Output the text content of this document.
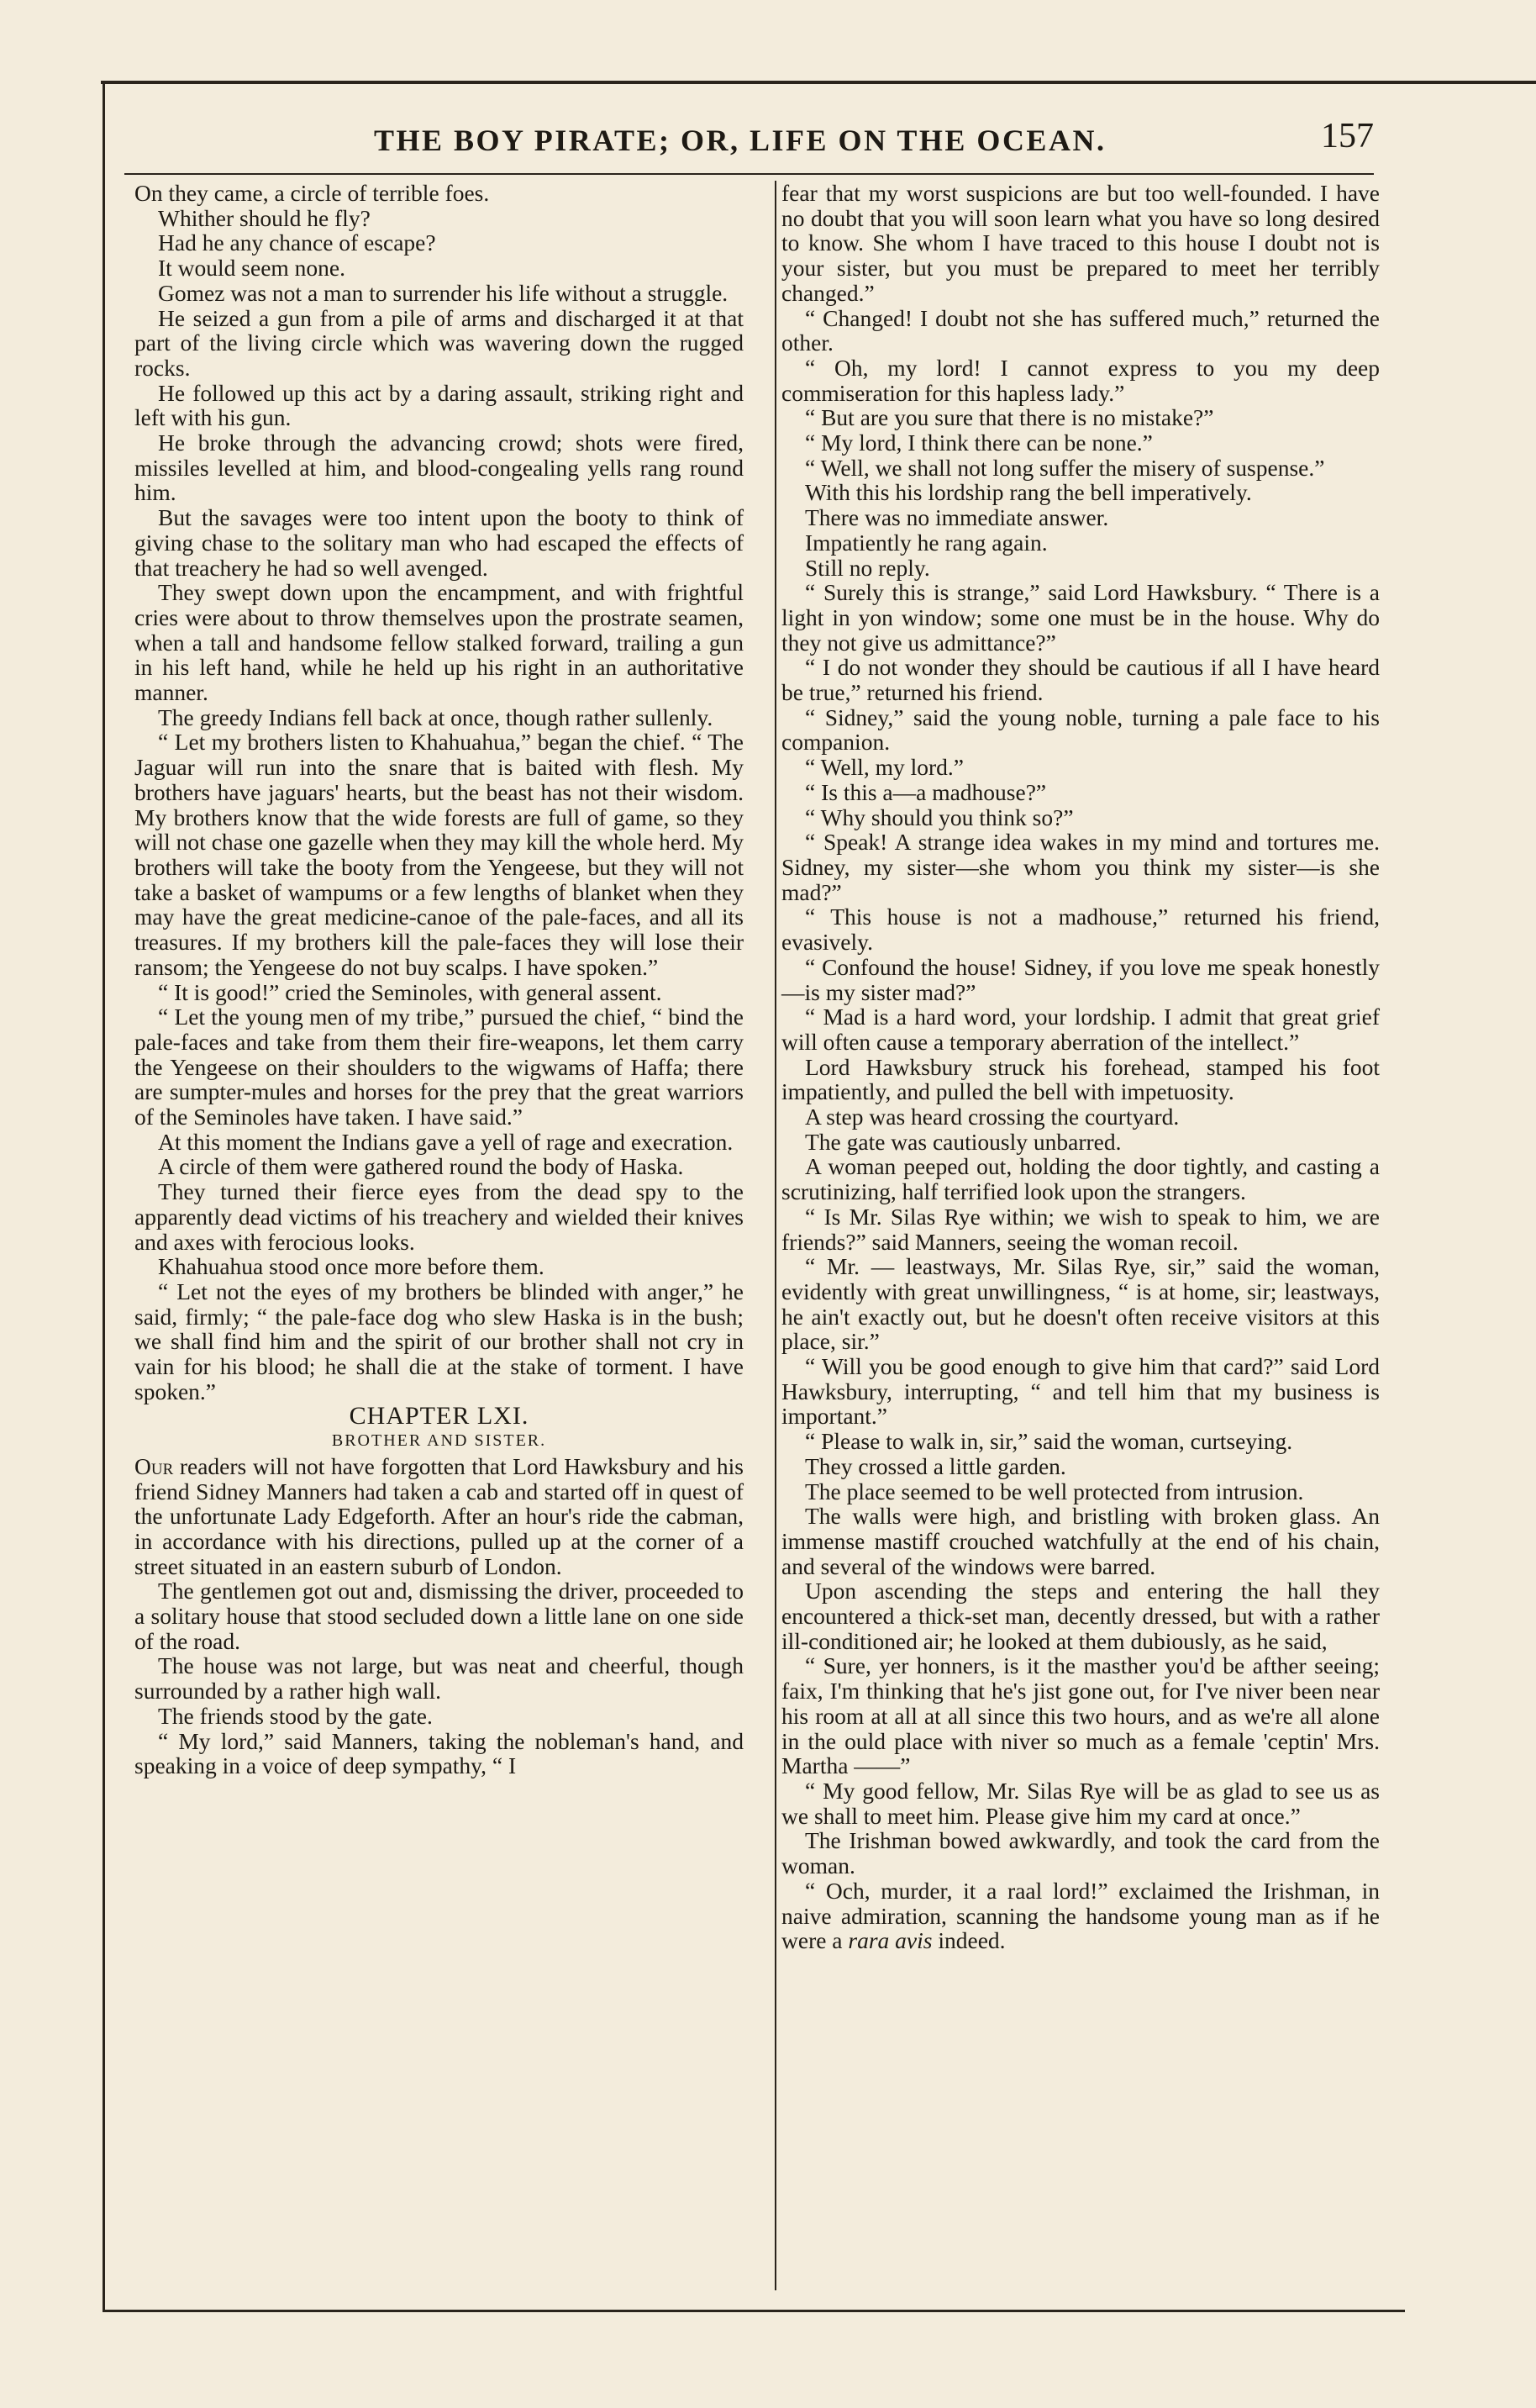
THE BOY PIRATE; OR, LIFE ON THE OCEAN.	157

On they came, a circle of terrible foes.

Whither should he fly?

Had he any chance of escape?

It would seem none.

Gomez was not a man to surrender his life without a struggle.

He seized a gun from a pile of arms and discharged it at that part of the living circle which was wavering down the rugged rocks.

He followed up this act by a daring assault, striking right and left with his gun.

He broke through the advancing crowd; shots were fired, missiles levelled at him, and blood-congealing yells rang round him.

But the savages were too intent upon the booty to think of giving chase to the solitary man who had escaped the effects of that treachery he had so well avenged.

They swept down upon the encampment, and with frightful cries were about to throw themselves upon the prostrate seamen, when a tall and handsome fellow stalked forward, trailing a gun in his left hand, while he held up his right in an authoritative manner.

The greedy Indians fell back at once, though rather sullenly.

“ Let my brothers listen to Khahuahua,” began the chief. “ The Jaguar will run into the snare that is baited with flesh. My brothers have jaguars' hearts, but the beast has not their wisdom. My brothers know that the wide forests are full of game, so they will not chase one gazelle when they may kill the whole herd. My brothers will take the booty from the Yengeese, but they will not take a basket of wampums or a few lengths of blanket when they may have the great medicine-canoe of the pale-faces, and all its treasures. If my brothers kill the pale-faces they will lose their ransom; the Yengeese do not buy scalps. I have spoken.”

“ It is good!” cried the Seminoles, with general assent.

“ Let the young men of my tribe,” pursued the chief, “ bind the pale-faces and take from them their fire-weapons, let them carry the Yengeese on their shoulders to the wigwams of Haffa; there are sumpter-mules and horses for the prey that the great warriors of the Seminoles have taken. I have said.”

At this moment the Indians gave a yell of rage and execration.

A circle of them were gathered round the body of Haska.

They turned their fierce eyes from the dead spy to the apparently dead victims of his treachery and wielded their knives and axes with ferocious looks.

Khahuahua stood once more before them.

“ Let not the eyes of my brothers be blinded with anger,” he said, firmly; “ the pale-face dog who slew Haska is in the bush; we shall find him and the spirit of our brother shall not cry in vain for his blood; he shall die at the stake of torment. I have spoken.”

CHAPTER LXI.

BROTHER AND SISTER.

Our readers will not have forgotten that Lord Hawksbury and his friend Sidney Manners had taken a cab and started off in quest of the unfortunate Lady Edgeforth. After an hour's ride the cabman, in accordance with his directions, pulled up at the corner of a street situated in an eastern suburb of London.

The gentlemen got out and, dismissing the driver, proceeded to a solitary house that stood secluded down a little lane on one side of the road.

The house was not large, but was neat and cheerful, though surrounded by a rather high wall.

The friends stood by the gate.

“ My lord,” said Manners, taking the nobleman's hand, and speaking in a voice of deep sympathy, “ I

fear that my worst suspicions are but too well-founded. I have no doubt that you will soon learn what you have so long desired to know. She whom I have traced to this house I doubt not is your sister, but you must be prepared to meet her terribly changed.”

“ Changed! I doubt not she has suffered much,” returned the other.

“ Oh, my lord! I cannot express to you my deep commiseration for this hapless lady.”

“ But are you sure that there is no mistake?”

“ My lord, I think there can be none.”

“ Well, we shall not long suffer the misery of suspense.”

With this his lordship rang the bell imperatively.

There was no immediate answer.

Impatiently he rang again.

Still no reply.

“ Surely this is strange,” said Lord Hawksbury. “ There is a light in yon window; some one must be in the house. Why do they not give us admittance?”

“ I do not wonder they should be cautious if all I have heard be true,” returned his friend.

“ Sidney,” said the young noble, turning a pale face to his companion.

“ Well, my lord.”

“ Is this a—a madhouse?”

“ Why should you think so?”

“ Speak! A strange idea wakes in my mind and tortures me. Sidney, my sister—she whom you think my sister—is she mad?”

“ This house is not a madhouse,” returned his friend, evasively.

“ Confound the house! Sidney, if you love me speak honestly—is my sister mad?”

“ Mad is a hard word, your lordship. I admit that great grief will often cause a temporary aberration of the intellect.”

Lord Hawksbury struck his forehead, stamped his foot impatiently, and pulled the bell with impetuosity.

A step was heard crossing the courtyard.

The gate was cautiously unbarred.

A woman peeped out, holding the door tightly, and casting a scrutinizing, half terrified look upon the strangers.

“ Is Mr. Silas Rye within; we wish to speak to him, we are friends?” said Manners, seeing the woman recoil.

“ Mr. — leastways, Mr. Silas Rye, sir,” said the woman, evidently with great unwillingness, “ is at home, sir; leastways, he ain't exactly out, but he doesn't often receive visitors at this place, sir.”

“ Will you be good enough to give him that card?” said Lord Hawksbury, interrupting, “ and tell him that my business is important.”

“ Please to walk in, sir,” said the woman, curtseying.

They crossed a little garden.

The place seemed to be well protected from intrusion.

The walls were high, and bristling with broken glass. An immense mastiff crouched watchfully at the end of his chain, and several of the windows were barred.

Upon ascending the steps and entering the hall they encountered a thick-set man, decently dressed, but with a rather ill-conditioned air; he looked at them dubiously, as he said,

“ Sure, yer honners, is it the masther you'd be afther seeing; faix, I'm thinking that he's jist gone out, for I've niver been near his room at all at all since this two hours, and as we're all alone in the ould place with niver so much as a female 'ceptin' Mrs. Martha ——”

“ My good fellow, Mr. Silas Rye will be as glad to see us as we shall to meet him. Please give him my card at once.”

The Irishman bowed awkwardly, and took the card from the woman.

“ Och, murder, it a raal lord!” exclaimed the Irishman, in naive admiration, scanning the handsome young man as if he were a rara avis indeed.
